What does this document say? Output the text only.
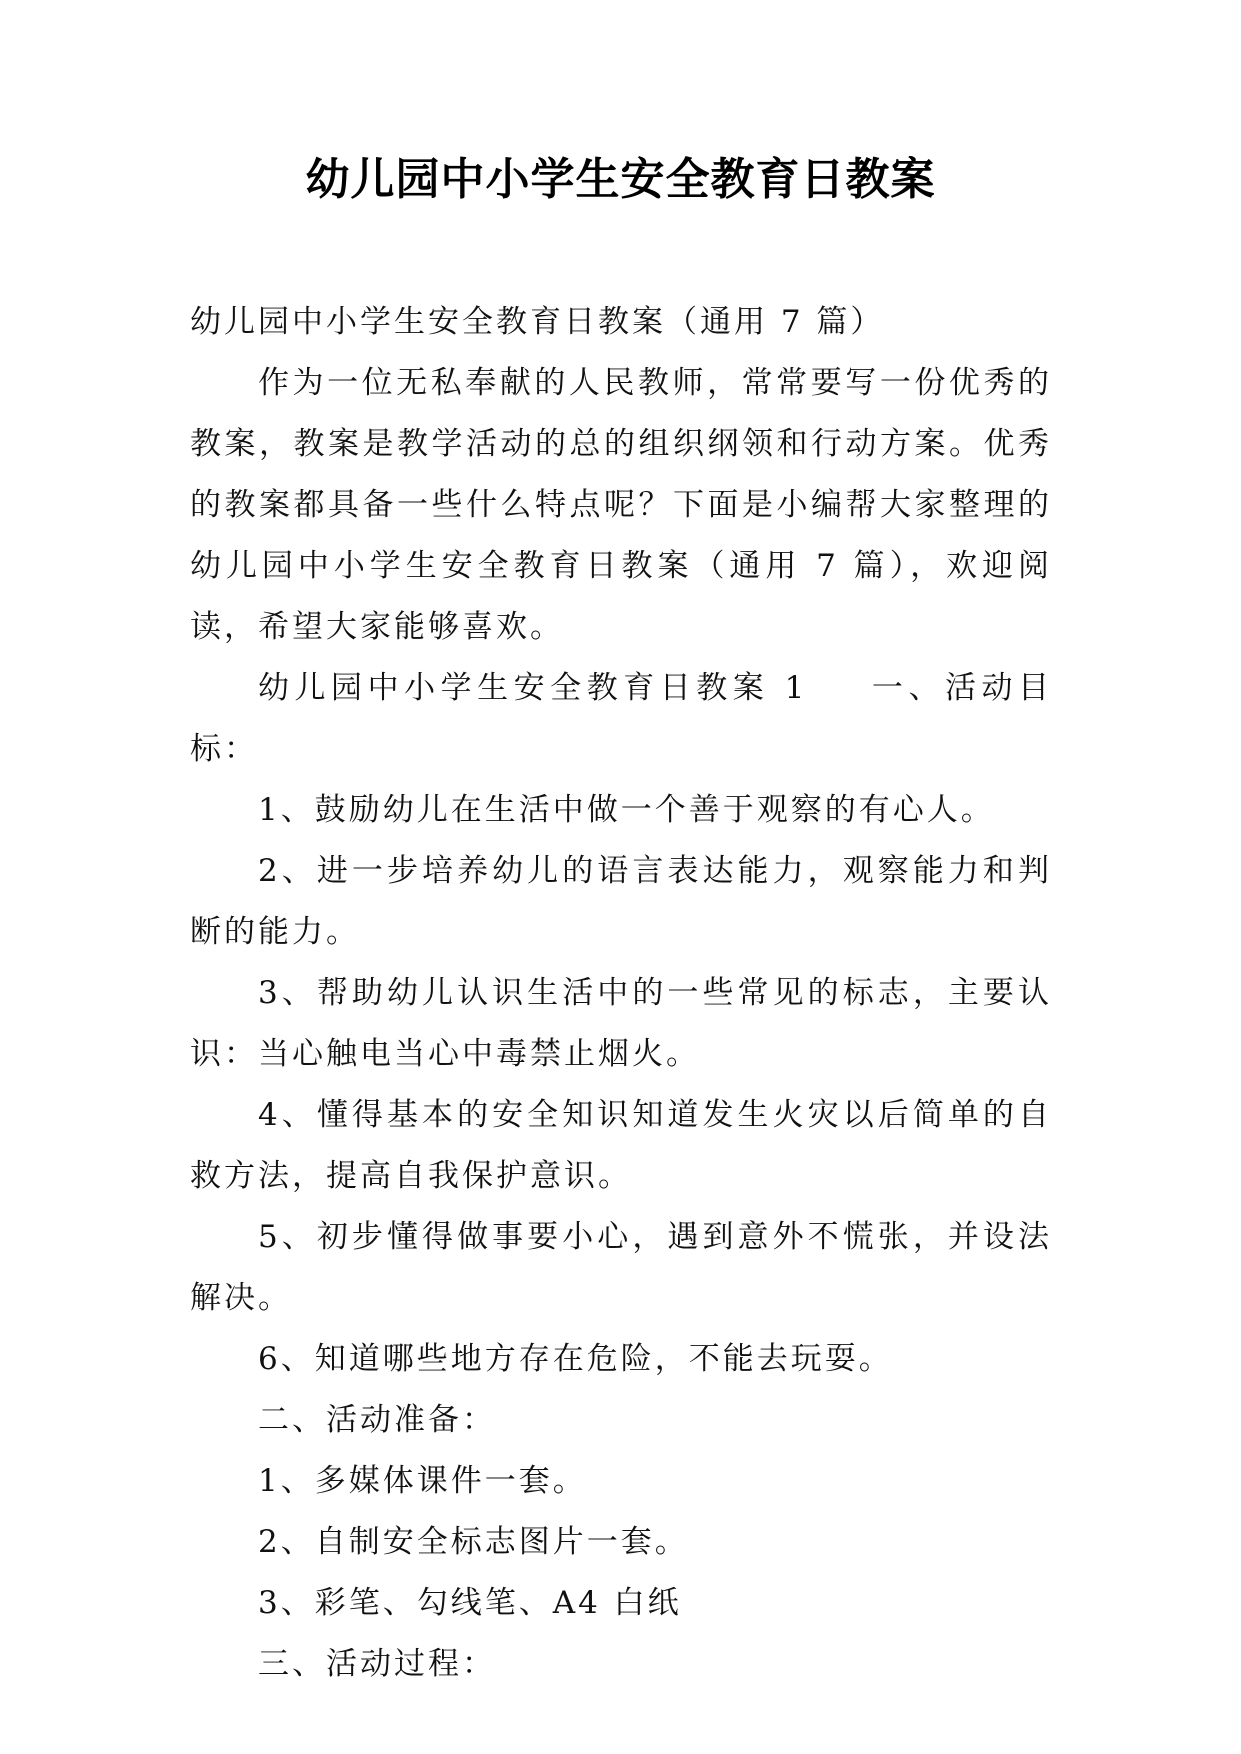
幼儿园中小学生安全教育日教案

幼儿园中小学生安全教育日教案（通用 7 篇）

作为一位无私奉献的人民教师，常常要写一份优秀的教案，教案是教学活动的总的组织纲领和行动方案。优秀的教案都具备一些什么特点呢？下面是小编帮大家整理的幼儿园中小学生安全教育日教案（通用 7 篇），欢迎阅读，希望大家能够喜欢。

幼儿园中小学生安全教育日教案 1 一、活动目标：

1、鼓励幼儿在生活中做一个善于观察的有心人。

2、进一步培养幼儿的语言表达能力，观察能力和判断的能力。

3、帮助幼儿认识生活中的一些常见的标志，主要认识：当心触电当心中毒禁止烟火。

4、懂得基本的安全知识知道发生火灾以后简单的自救方法，提高自我保护意识。

5、初步懂得做事要小心，遇到意外不慌张，并设法解决。

6、知道哪些地方存在危险，不能去玩耍。

二、活动准备：

1、多媒体课件一套。

2、自制安全标志图片一套。

3、彩笔、勾线笔、A4 白纸

三、活动过程：
